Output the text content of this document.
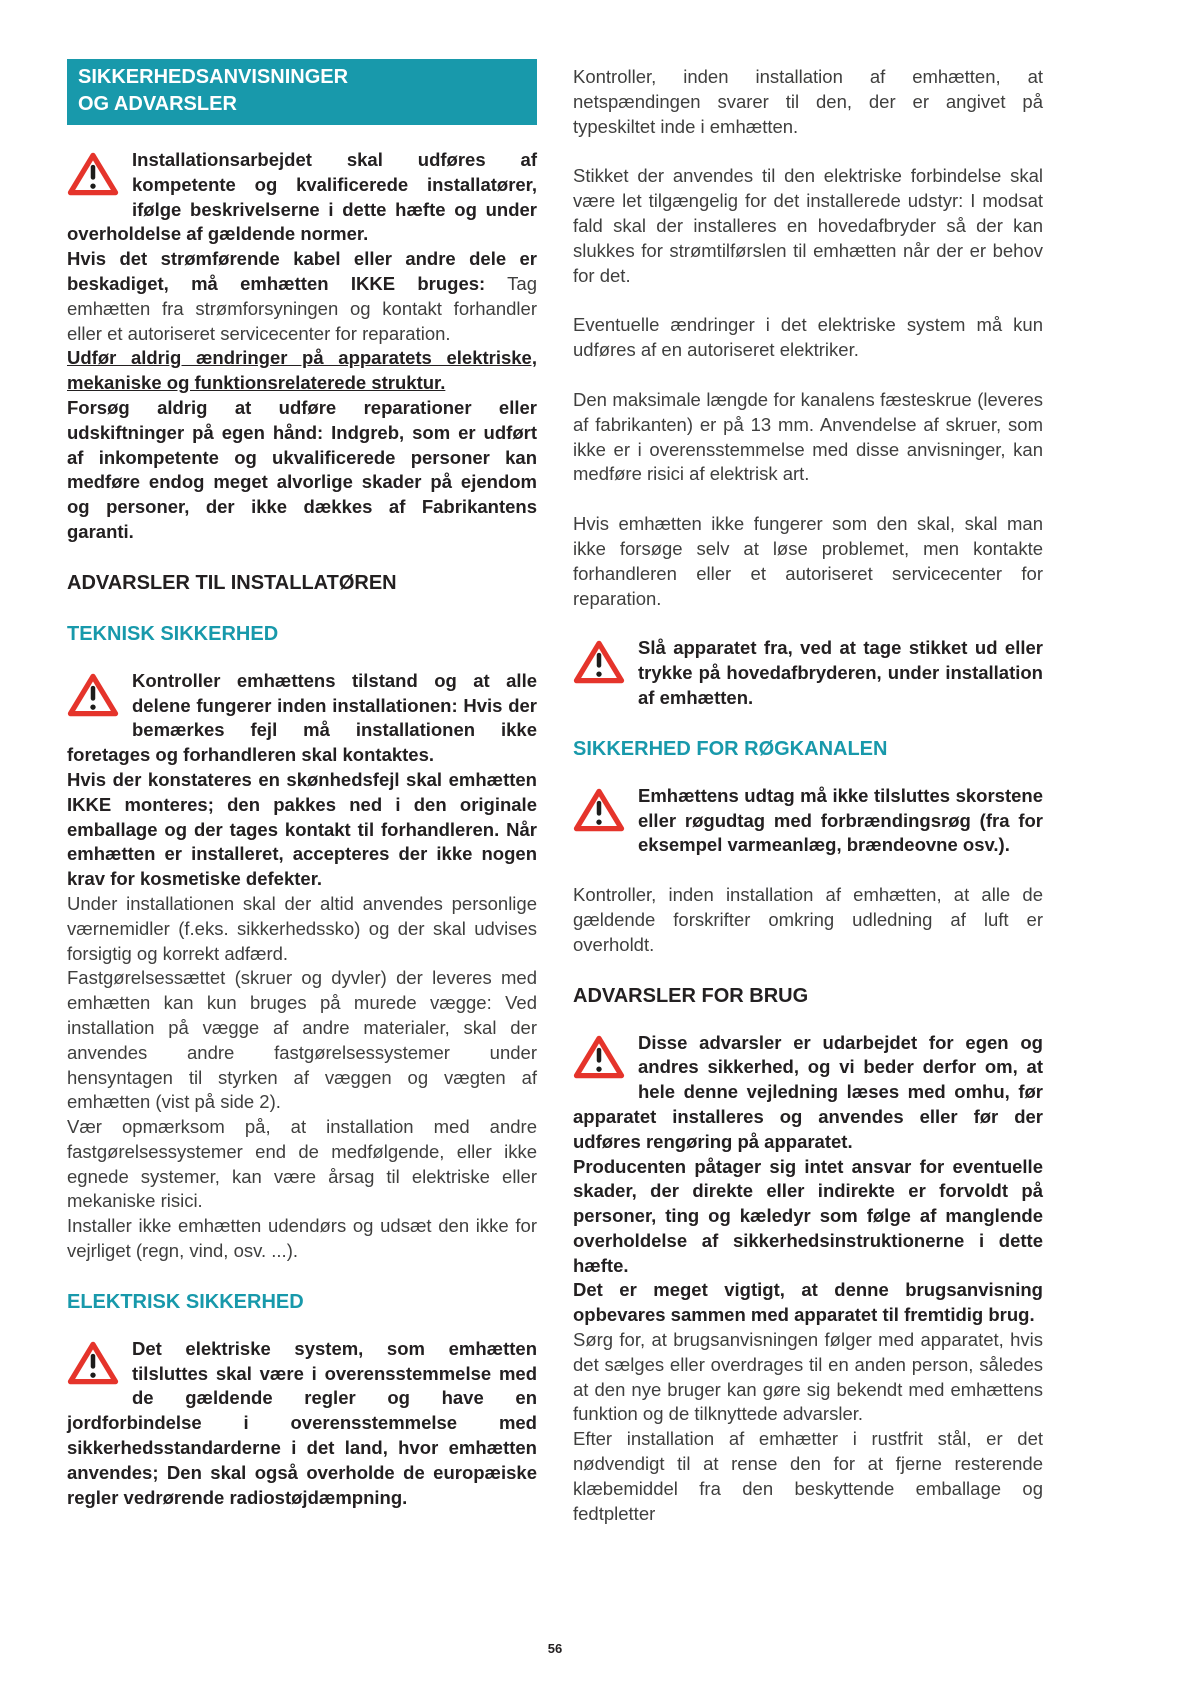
SIKKERHEDSANVISNINGER
OG ADVARSLER

Installationsarbejdet skal udføres af kompetente og kvalificerede installatører, ifølge beskrivelserne i dette hæfte og under overholdelse af gældende normer.

Hvis det strømførende kabel eller andre dele er beskadiget, må emhætten IKKE bruges: Tag emhætten fra strømforsyningen og kontakt forhandler eller et autoriseret servicecenter for reparation.

Udfør aldrig ændringer på apparatets elektriske, mekaniske og funktionsrelaterede struktur.

Forsøg aldrig at udføre reparationer eller udskiftninger på egen hånd: Indgreb, som er udført af inkompetente og ukvalificerede personer kan medføre endog meget alvorlige skader på ejendom og personer, der ikke dækkes af Fabrikantens garanti.

ADVARSLER TIL INSTALLATØREN
TEKNISK SIKKERHED

Kontroller emhættens tilstand og at alle delene fungerer inden installationen: Hvis der bemærkes fejl må installationen ikke foretages og forhandleren skal kontaktes.

Hvis der konstateres en skønhedsfejl skal emhætten IKKE monteres; den pakkes ned i den originale emballage og der tages kontakt til forhandleren. Når emhætten er installeret, accepteres der ikke nogen krav for kosmetiske defekter.

Under installationen skal der altid anvendes personlige værnemidler (f.eks. sikkerhedssko) og der skal udvises forsigtig og korrekt adfærd.

Fastgørelsessættet (skruer og dyvler) der leveres med emhætten kan kun bruges på murede vægge: Ved installation på vægge af andre materialer, skal der anvendes andre fastgørelsessystemer under hensyntagen til styrken af væggen og vægten af emhætten (vist på side 2).

Vær opmærksom på, at installation med andre fastgørelsessystemer end de medfølgende, eller ikke egnede systemer, kan være årsag til elektriske eller mekaniske risici.

Installer ikke emhætten udendørs og udsæt den ikke for vejrliget (regn, vind, osv. ...).

ELEKTRISK SIKKERHED

Det elektriske system, som emhætten tilsluttes skal være i overensstemmelse med de gældende regler og have en jordforbindelse i overensstemmelse med sikkerhedsstandarderne i det land, hvor emhætten anvendes; Den skal også overholde de europæiske regler vedrørende radiostøjdæmpning.

Kontroller, inden installation af emhætten, at netspændingen svarer til den, der er angivet på typeskiltet inde i emhætten.

Stikket der anvendes til den elektriske forbindelse skal være let tilgængelig for det installerede udstyr: I modsat fald skal der installeres en hovedafbryder så der kan slukkes for strømtilførslen til emhætten når der er behov for det.

Eventuelle ændringer i det elektriske system må kun udføres af en autoriseret elektriker.

Den maksimale længde for kanalens fæsteskrue (leveres af fabrikanten) er på 13 mm. Anvendelse af skruer, som ikke er i overensstemmelse med disse anvisninger, kan medføre risici af elektrisk art.

Hvis emhætten ikke fungerer som den skal, skal man ikke forsøge selv at løse problemet, men kontakte forhandleren eller et autoriseret servicecenter for reparation.

Slå apparatet fra, ved at tage stikket ud eller trykke på hovedafbryderen, under installation af emhætten.

SIKKERHED FOR RØGKANALEN

Emhættens udtag må ikke tilsluttes skorstene eller røgudtag med forbrændingsrøg (fra for eksempel varmeanlæg, brændeovne osv.).

Kontroller, inden installation af emhætten, at alle de gældende forskrifter omkring udledning af luft er overholdt.

ADVARSLER FOR BRUG

Disse advarsler er udarbejdet for egen og andres sikkerhed, og vi beder derfor om, at hele denne vejledning læses med omhu, før apparatet installeres og anvendes eller før der udføres rengøring på apparatet.

Producenten påtager sig intet ansvar for eventuelle skader, der direkte eller indirekte er forvoldt på personer, ting og kæledyr som følge af manglende overholdelse af sikkerhedsinstruktionerne i dette hæfte.

Det er meget vigtigt, at denne brugsanvisning opbevares sammen med apparatet til fremtidig brug.

Sørg for, at brugsanvisningen følger med apparatet, hvis det sælges eller overdrages til en anden person, således at den nye bruger kan gøre sig bekendt med emhættens funktion og de tilknyttede advarsler.

Efter installation af emhætter i rustfrit stål, er det nødvendigt til at rense den for at fjerne resterende klæbemiddel fra den beskyttende emballage og fedtpletter

56
